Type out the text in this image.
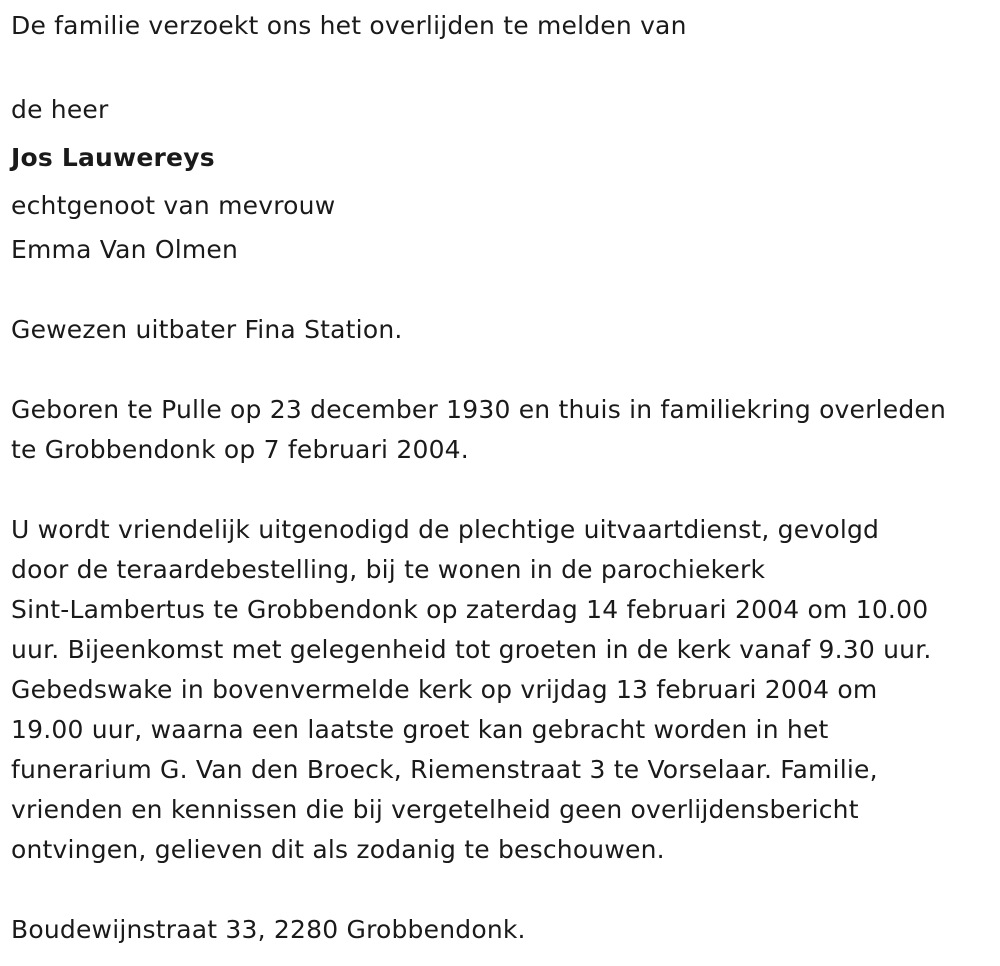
De familie verzoekt ons het overlijden te melden van
de heer
Jos Lauwereys
echtgenoot van mevrouw
Emma Van Olmen
Gewezen uitbater Fina Station.
Geboren te Pulle op 23 december 1930 en thuis in familiekring overleden
te Grobbendonk op 7 februari 2004.
U wordt vriendelijk uitgenodigd de plechtige uitvaartdienst, gevolgd
door de teraardebestelling, bij te wonen in de parochiekerk
Sint-Lambertus te Grobbendonk op zaterdag 14 februari 2004 om 10.00
uur. Bijeenkomst met gelegenheid tot groeten in de kerk vanaf 9.30 uur.
Gebedswake in bovenvermelde kerk op vrijdag 13 februari 2004 om
19.00 uur, waarna een laatste groet kan gebracht worden in het
funerarium G. Van den Broeck, Riemenstraat 3 te Vorselaar. Familie,
vrienden en kennissen die bij vergetelheid geen overlijdensbericht
ontvingen, gelieven dit als zodanig te beschouwen.
Boudewijnstraat 33, 2280 Grobbendonk.
